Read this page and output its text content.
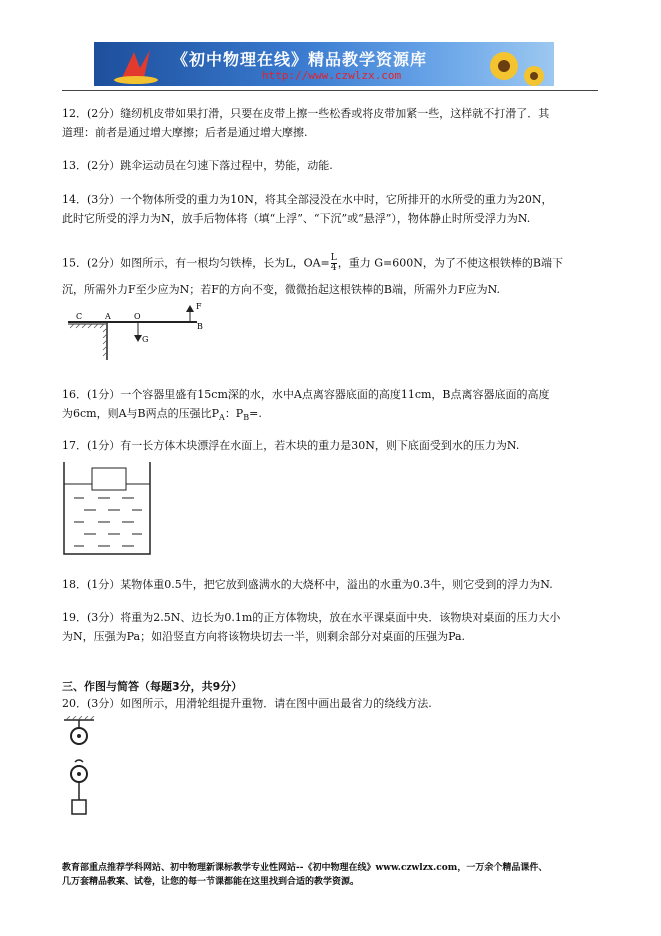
《初中物理在线》精品教学资源库
http://www.czwlzx.com
12．(2分）缝纫机皮带如果打滑，只要在皮带上擦一些松香或将皮带加紧一些，这样就不打滑了．其
道理：前者是通过增大摩擦；后者是通过增大摩擦.
13．(2分）跳伞运动员在匀速下落过程中，势能，动能.
14．(3分）一个物体所受的重力为10N，将其全部浸没在水中时，它所排开的水所受的重力为20N，
此时它所受的浮力为N，放手后物体将（填“上浮”、“下沉”或“悬浮”），物体静止时所受浮力为N.
15．(2分）如图所示，有一根均匀铁棒，长为L，$OA= \frac{L}{4}$ ，重力 G=600N，为了不使这根铁棒的B端下
沉，所需外力F至少应为N；若F的方向不变，微微抬起这根铁棒的B端，所需外力F应为N.
C	A	O
F
B
G
16．(1分）一个容器里盛有15cm深的水，水中A点离容器底面的高度11cm，B点离容器底面的高度
为6cm，则A与B两点的压强比$P_A$：$P_B=$.
17．(1分）有一长方体木块漂浮在水面上，若木块的重力是30N，则下底面受到水的压力为N.
18．(1分）某物体重0.5牛，把它放到盛满水的大烧杯中，溢出的水重为0.3牛，则它受到的浮力为N.
19．(3分）将重为2.5N、边长为0.1m的正方体物块，放在水平课桌面中央．该物块对桌面的压力大小
为N，压强为Pa；如沿竖直方向将该物块切去一半，则剩余部分对桌面的压强为Pa.
三、作图与简答（每题3分，共9分）
20．(3分）如图所示，用滑轮组提升重物．请在图中画出最省力的绕线方法.
教育部重点推荐学科网站、初中物理新课标教学专业性网站--《初中物理在线》www.czwlzx.com，一万余个精品课件、
几万套精品教案、试卷，让您的每一节课都能在这里找到合适的教学资源。
